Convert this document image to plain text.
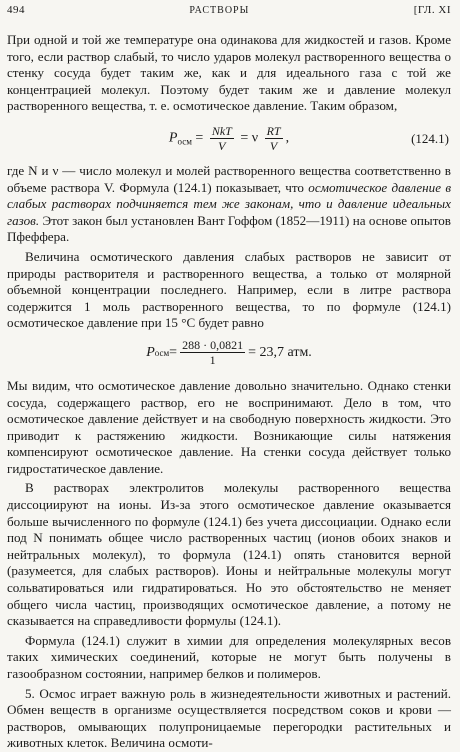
494	РАСТВОРЫ	[ГЛ. XI

При одной и той же температуре она одинакова для жидкостей и газов. Кроме того, если раствор слабый, то число ударов молекул растворенного вещества о стенку сосуда будет таким же, как и для идеального газа с той же концентрацией молекул. Поэтому будет таким же и давление молекул растворенного вещества, т. е. осмотическое давление. Таким образом,

$P_{осм} = \frac{\text{NkT}}{V} = \nu \frac{RT}{V}$ ,	(124.1)

где N и ν — число молекул и молей растворенного вещества соответственно в объеме раствора V. Формула (124.1) показывает, что осмотическое давление в слабых растворах подчиняется тем же законам, что и давление идеальных газов. Этот закон был установлен Вант Гоффом (1852—1911) на основе опытов Пфеффера.

Величина осмотического давления слабых растворов не зависит от природы растворителя и растворенного вещества, а только от молярной объемной концентрации последнего. Например, если в литре раствора содержится 1 моль растворенного вещества, то по формуле (124.1) осмотическое давление при 15 °С будет равно

P осм = $\frac{288 \cdot 0,0821}{1} = 23,7$ атм.

Мы видим, что осмотическое давление довольно значительно. Однако стенки сосуда, содержащего раствор, его не воспринимают. Дело в том, что осмотическое давление действует и на свободную поверхность жидкости. Это приводит к растяжению жидкости. Возникающие силы натяжения компенсируют осмотическое давление. На стенки сосуда действует только гидростатическое давление.

В растворах электролитов молекулы растворенного вещества диссоциируют на ионы. Из-за этого осмотическое давление оказывается больше вычисленного по формуле (124.1) без учета диссоциации. Однако если под N понимать общее число растворенных частиц (ионов обоих знаков и нейтральных молекул), то формула (124.1) опять становится верной (разумеется, для слабых растворов). Ионы и нейтральные молекулы могут сольватироваться или гидратироваться. Но это обстоятельство не меняет общего числа частиц, производящих осмотическое давление, а потому не сказывается на справедливости формулы (124.1).

Формула (124.1) служит в химии для определения молекулярных весов таких химических соединений, которые не могут быть получены в газообразном состоянии, например белков и полимеров.

5. Осмос играет важную роль в жизнедеятельности животных и растений. Обмен веществ в организме осуществляется посредством соков и крови — растворов, омывающих полупроницаемые перегородки растительных и животных клеток. Величина осмоти-
